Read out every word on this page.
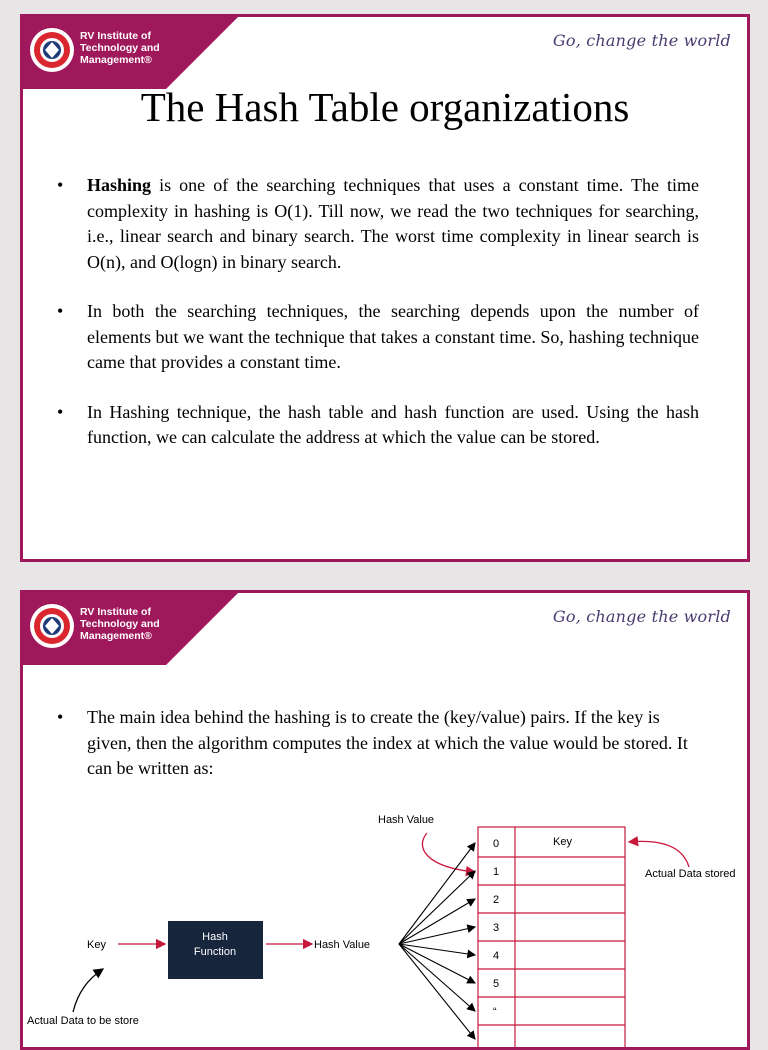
RV Institute of
Technology and
Management®
Go, change the world
The Hash Table organizations
• Hashing is one of the searching techniques that uses a constant time. The time complexity in hashing is O(1). Till now, we read the two techniques for searching, i.e., linear search and binary search. The worst time complexity in linear search is O(n), and O(logn) in binary search.
• In both the searching techniques, the searching depends upon the number of elements but we want the technique that takes a constant time. So, hashing technique came that provides a constant time.
• In Hashing technique, the hash table and hash function are used. Using the hash function, we can calculate the address at which the value can be stored.
RV Institute of
Technology and
Management®
Go, change the world
• The main idea behind the hashing is to create the (key/value) pairs. If the key is given, then the algorithm computes the index at which the value would be stored. It can be written as:
0
1
2
3
4
5
“
Key
Hash Value
Actual Data stored
Key	Hash Value
Actual Data to be store
Hash
Function
